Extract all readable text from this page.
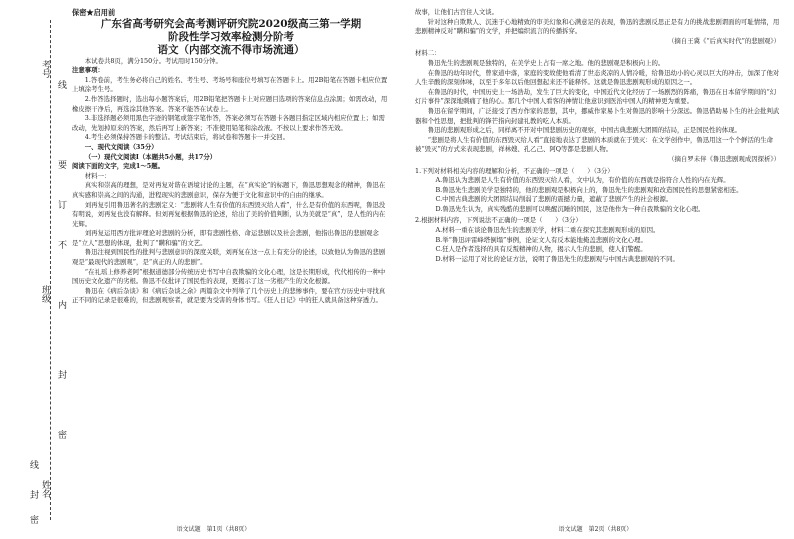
考号
班级
姓名
线
要
订
不
内
封
密
线
封
密
保密★启用前
广东省高考研究会高考测评研究院2020级高三第一学期
阶段性学习效率检测分阶考
语文（内部交流不得市场流通）

本试卷共8页，满分150分。考试用时150分钟。

注意事项：

1.答卷前，考生务必将自己的姓名、考生号、考场号和座位号填写在答题卡上。用2B铅笔在答题卡相应位置上填涂考生号。

2.作答选择题时，选出每小题答案后，用2B铅笔把答题卡上对应题目选项的答案信息点涂黑；如需改动，用橡皮擦干净后，再选涂其他答案。答案不能答在试卷上。

3.非选择题必须用黑色字迹的钢笔或签字笔作答，答案必须写在答题卡各题目指定区域内相应位置上；如需改动，先划掉原来的答案，然后再写上新答案；不准使用铅笔和涂改液。不按以上要求作答无效。

4.考生必须保持答题卡的整洁。考试结束后，将试卷和答题卡一并交回。

一、现代文阅读（35分）

（一）现代文阅读Ⅰ（本题共5小题，共17分）

阅读下面的文字，完成1～5题。

材料一：

真实和崇高的理想，是对再复对谐在语境讨论的主题，在“真实论”的标题下，鲁迅思想观念的精神，鲁迅在真实感和崇高之间的沟通，进程现实的悲剧意识，保存为便于文化和意识中的自由的继承。

刘再复引用鲁迅著名的悲剧定义：“悲剧将人生有价值的东西毁灭给人看”，什么是有价值的东西呢，鲁迅没有明说，刘再复也没有解释。但刘再复根据鲁迅的论述，给出了美的价值判断，认为美就是“真”，是人性的内在光辉。

刘再复运用西方批评理论对悲剧的分析，即有悲剧性格、命运悲剧以及社会悲剧，他指出鲁迅的悲剧观念是“立人”思想的体现，批判了“瞒和骗”的文艺。

鲁迅注视到国民性的批判与悲剧意识的深度关联，刘再复在这一点上有充分的论述，以致他认为鲁迅的悲剧观是“最现代的悲剧观”，是“真正的人的悲剧”。

“在礼瑶上修养老阿”根据道德部分传统历史书写中自我欺骗的文化心理，这是长期形成，代代相传的一种中国历史文化遗产的劣根。鲁迅不仅批评了国民性的表现，更揭示了这一劣根产生的文化根源。

鲁迅在《病后杂谈》和《病后杂谈之余》两篇杂文中列举了几个历史上的悲惨事件，要在官方历史中寻找真正不同的记录是很难的，但悲剧观察者，就是要为受害的身体书写。《狂人日记》中的狂人就具备这种穿透力。

语文试题　第1页（共8页）

故事，让他们古宫住人文谈。

针对这种自欺欺人、沉迷于心地精致的审美幻象和心满意足的表现，鲁迅的悲剧反思正是有力的挑战悲剧谓面的可耻情绪，用悲剧精神反对“瞒和骗”的文学，并把编织流言的传播拆穿。

（摘自王冀《“后真实时代”的悲剧观》）

材料二：

鲁迅先生的悲剧观是独特的，在美学史上占有一席之地。他的悲剧观是积极向上的。

在鲁迅的幼年时代，曾家道中落，家庭的变故使他看清了世态炎凉的人情冷暖，给鲁迅幼小的心灵以巨大的冲击，加深了他对人生辛酸的深刻体味，以至于多年以后他回想起来还不能释怀。这就是鲁迅悲剧观形成的原因之一。

在鲁迅的时代，中国历史上一场浩劫，发生了巨大的变化，中国近代文化经历了一场剧烈的阵痛，鲁迅在日本留学期间的“幻灯片事件”深深地刺痛了他的心。那几个中国人看客的神情让他意识到医治中国人的精神更为重要。

鲁迅在留学期间，广泛接受了西方作家的思想，其中，挪威作家易卜生对鲁迅的影响十分深远。鲁迅借助易卜生的社会批判武器和个性思想，把批判的锋芒指向封建礼教的吃人本质。

鲁迅的悲剧观形成之后，同样离不开对中国悲剧历史的观察，中国古典悲剧大团圆的结局，正是国民性的体现。

“悲剧是将人生有价值的东西毁灭给人看”直接地表达了悲剧的本质就在于毁灭：在文学创作中，鲁迅用这一个个鲜活的生命被“毁灭”的方式来表现悲剧，祥林嫂、孔乙己、阿Q等都是悲剧人物。

（摘自罗未伴《鲁迅悲剧观成因探析》）

1.下列对材料相关内容的理解和分析，不正确的一项是（　　）（3分）

A.鲁迅认为悲剧是人生有价值的东西毁灭给人看，文中认为，有价值的东西就是指符合人性的内在光辉。

B.鲁迅先生悲剧美学是独特的，他的悲剧观是积极向上的，鲁迅先生的悲剧观和改造国民性的思想紧密相连。

C.中国古典悲剧的大团圆结局削弱了悲剧的震撼力量，遮蔽了悲剧产生的社会根源。

D.鲁迅先生认为，真实残酷的悲剧可以唤醒沉睡的国民，这是他作为一种自我欺骗的文化心理。

2.根据材料内容，下列说法不正确的一项是（　　）（3分）

A.材料一重在谈论鲁迅先生的悲剧美学，材料二重在探究其悲剧观形成的原因。

B.举“鲁迅评雷峰塔倒塌”事例，论证文人有反本能地掩盖悲剧的文化心理。

C.狂人是作者选择的具有反叛精神的人物，揭示人生的悲剧，使人们警醒。

D.材料一运用了对比的论证方法，说明了鲁迅先生的悲剧观与中国古典悲剧观的不同。

语文试题　第2页（共8页）
